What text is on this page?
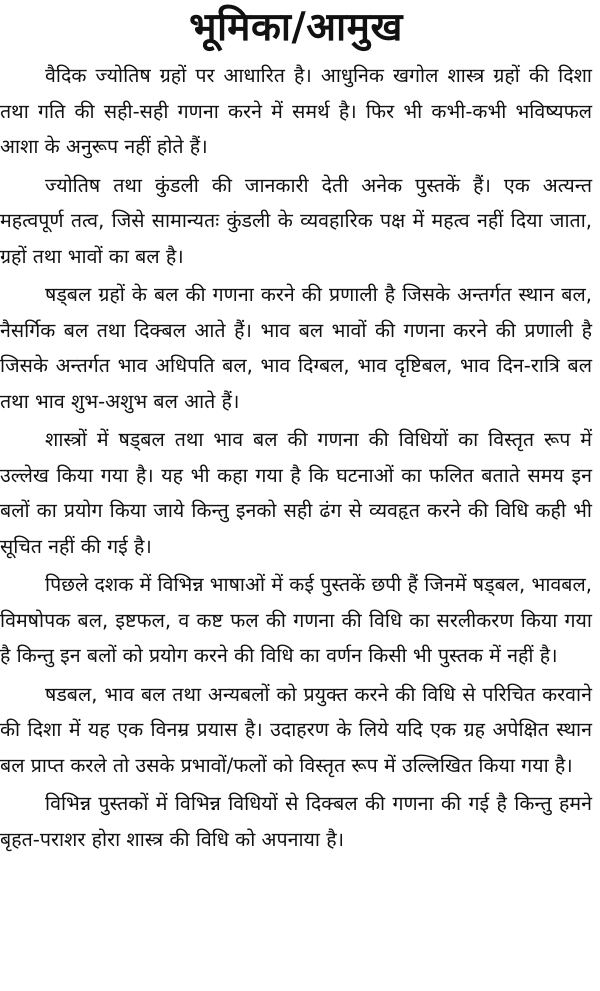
भूमिका/आमुख

वैदिक ज्योतिष ग्रहों पर आधारित है। आधुनिक खगोल शास्त्र ग्रहों की दिशा तथा गति की सही-सही गणना करने में समर्थ है। फिर भी कभी-कभी भविष्यफल आशा के अनुरूप नहीं होते हैं।

ज्योतिष तथा कुंडली की जानकारी देती अनेक पुस्तकें हैं। एक अत्यन्त महत्वपूर्ण तत्व, जिसे सामान्यतः कुंडली के व्यवहारिक पक्ष में महत्व नहीं दिया जाता, ग्रहों तथा भावों का बल है।

षड्बल ग्रहों के बल की गणना करने की प्रणाली है जिसके अन्तर्गत स्थान बल, नैसर्गिक बल तथा दिक्बल आते हैं। भाव बल भावों की गणना करने की प्रणाली है जिसके अन्तर्गत भाव अधिपति बल, भाव दिग्बल, भाव दृष्टिबल, भाव दिन-रात्रि बल तथा भाव शुभ-अशुभ बल आते हैं।

शास्त्रों में षड्बल तथा भाव बल की गणना की विधियों का विस्तृत रूप में उल्लेख किया गया है। यह भी कहा गया है कि घटनाओं का फलित बताते समय इन बलों का प्रयोग किया जाये किन्तु इनको सही ढंग से व्यवहृत करने की विधि कही भी सूचित नहीं की गई है।

पिछले दशक में विभिन्न भाषाओं में कई पुस्तकें छपी हैं जिनमें षड्बल, भावबल, विमषोपक बल, इष्टफल, व कष्ट फल की गणना की विधि का सरलीकरण किया गया है किन्तु इन बलों को प्रयोग करने की विधि का वर्णन किसी भी पुस्तक में नहीं है।

षडबल, भाव बल तथा अन्यबलों को प्रयुक्त करने की विधि से परिचित करवाने की दिशा में यह एक विनम्र प्रयास है। उदाहरण के लिये यदि एक ग्रह अपेक्षित स्थान बल प्राप्त करले तो उसके प्रभावों/फलों को विस्तृत रूप में उल्लिखित किया गया है।

विभिन्न पुस्तकों में विभिन्न विधियों से दिक्बल की गणना की गई है किन्तु हमने बृहत-पराशर होरा शास्त्र की विधि को अपनाया है।
